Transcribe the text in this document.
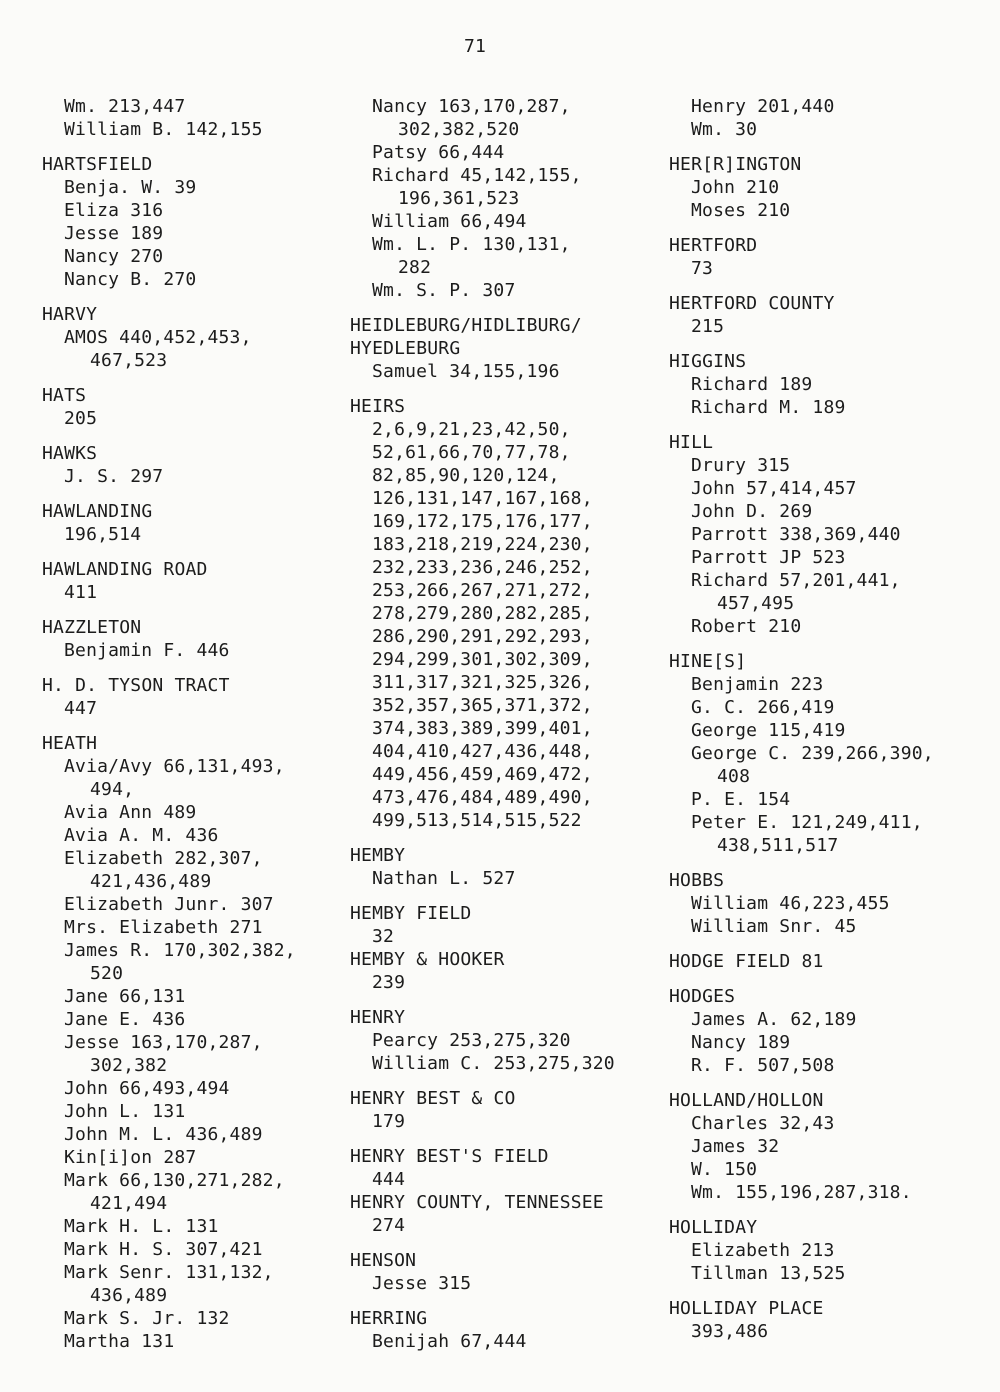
71
Wm. 213,447
William B. 142,155
HARTSFIELD
Benja. W. 39
Eliza 316
Jesse 189
Nancy 270
Nancy B. 270
HARVY
AMOS 440,452,453,
467,523
HATS
205
HAWKS
J. S. 297
HAWLANDING
196,514
HAWLANDING ROAD
411
HAZZLETON
Benjamin F. 446
H. D. TYSON TRACT
447
HEATH
Avia/Avy 66,131,493,
494,
Avia Ann 489
Avia A. M. 436
Elizabeth 282,307,
421,436,489
Elizabeth Junr. 307
Mrs. Elizabeth 271
James R. 170,302,382,
520
Jane 66,131
Jane E. 436
Jesse 163,170,287,
302,382
John 66,493,494
John L. 131
John M. L. 436,489
Kin[i]on 287
Mark 66,130,271,282,
421,494
Mark H. L. 131
Mark H. S. 307,421
Mark Senr. 131,132,
436,489
Mark S. Jr. 132
Martha 131
Nancy 163,170,287,
302,382,520
Patsy 66,444
Richard 45,142,155,
196,361,523
William 66,494
Wm. L. P. 130,131,
282
Wm. S. P. 307
HEIDLEBURG/HIDLIBURG/
HYEDLEBURG
Samuel 34,155,196
HEIRS
2,6,9,21,23,42,50,
52,61,66,70,77,78,
82,85,90,120,124,
126,131,147,167,168,
169,172,175,176,177,
183,218,219,224,230,
232,233,236,246,252,
253,266,267,271,272,
278,279,280,282,285,
286,290,291,292,293,
294,299,301,302,309,
311,317,321,325,326,
352,357,365,371,372,
374,383,389,399,401,
404,410,427,436,448,
449,456,459,469,472,
473,476,484,489,490,
499,513,514,515,522
HEMBY
Nathan L. 527
HEMBY FIELD
32
HEMBY & HOOKER
239
HENRY
Pearcy 253,275,320
William C. 253,275,320
HENRY BEST & CO
179
HENRY BEST'S FIELD
444
HENRY COUNTY, TENNESSEE
274
HENSON
Jesse 315
HERRING
Benijah 67,444
Henry 201,440
Wm. 30
HER[R]INGTON
John 210
Moses 210
HERTFORD
73
HERTFORD COUNTY
215
HIGGINS
Richard 189
Richard M. 189
HILL
Drury 315
John 57,414,457
John D. 269
Parrott 338,369,440
Parrott JP 523
Richard 57,201,441,
457,495
Robert 210
HINE[S]
Benjamin 223
G. C. 266,419
George 115,419
George C. 239,266,390,
408
P. E. 154
Peter E. 121,249,411,
438,511,517
HOBBS
William 46,223,455
William Snr. 45
HODGE FIELD 81
HODGES
James A. 62,189
Nancy 189
R. F. 507,508
HOLLAND/HOLLON
Charles 32,43
James 32
W. 150
Wm. 155,196,287,318.
HOLLIDAY
Elizabeth 213
Tillman 13,525
HOLLIDAY PLACE
393,486
